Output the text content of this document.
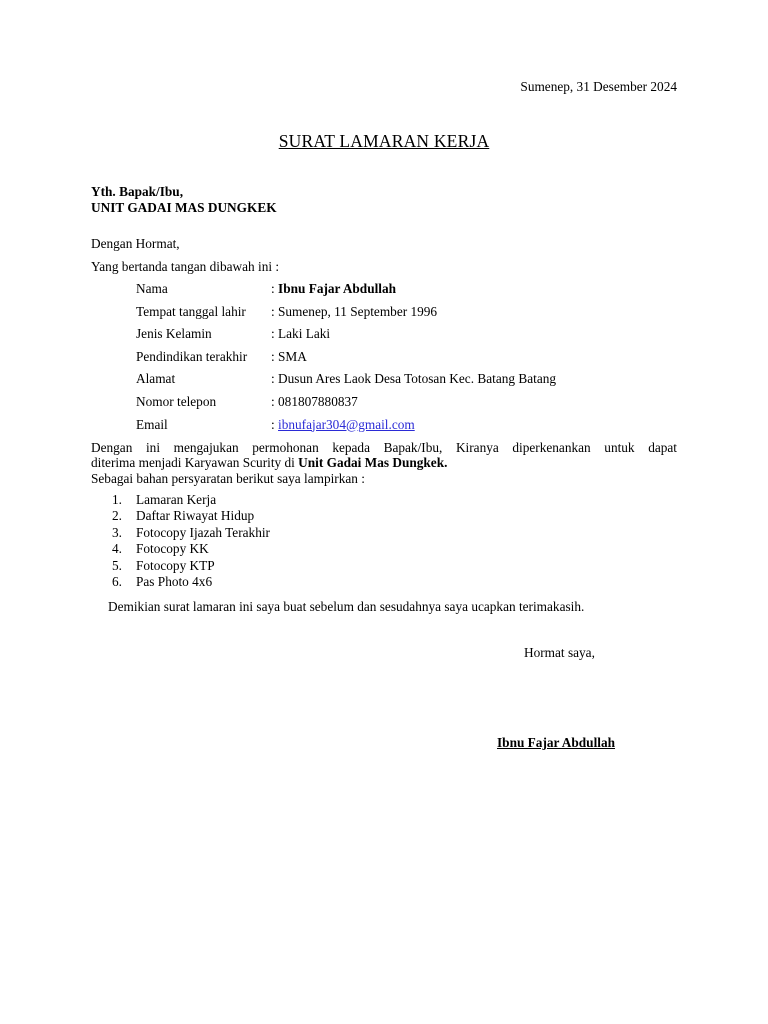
Sumenep, 31 Desember 2024
SURAT LAMARAN KERJA
Yth. Bapak/Ibu,
UNIT GADAI MAS DUNGKEK
Dengan Hormat,
Yang bertanda tangan dibawah ini :
Nama	: Ibnu Fajar Abdullah
Tempat tanggal lahir	: Sumenep, 11 September 1996
Jenis Kelamin	: Laki Laki
Pendindikan terakhir	: SMA
Alamat	: Dusun Ares Laok Desa Totosan Kec. Batang Batang
Nomor telepon	: 081807880837
Email	: ibnufajar304@gmail.com
Dengan ini mengajukan permohonan kepada Bapak/Ibu, Kiranya diperkenankan untuk dapat
diterima menjadi Karyawan Scurity di Unit Gadai Mas Dungkek.
Sebagai bahan persyaratan berikut saya lampirkan :
1.	Lamaran Kerja
2.	Daftar Riwayat Hidup
3.	Fotocopy Ijazah Terakhir
4.	Fotocopy KK
5.	Fotocopy KTP
6.	Pas Photo 4x6
Demikian surat lamaran ini saya buat sebelum dan sesudahnya saya ucapkan terimakasih.
Hormat saya,
Ibnu Fajar Abdullah
